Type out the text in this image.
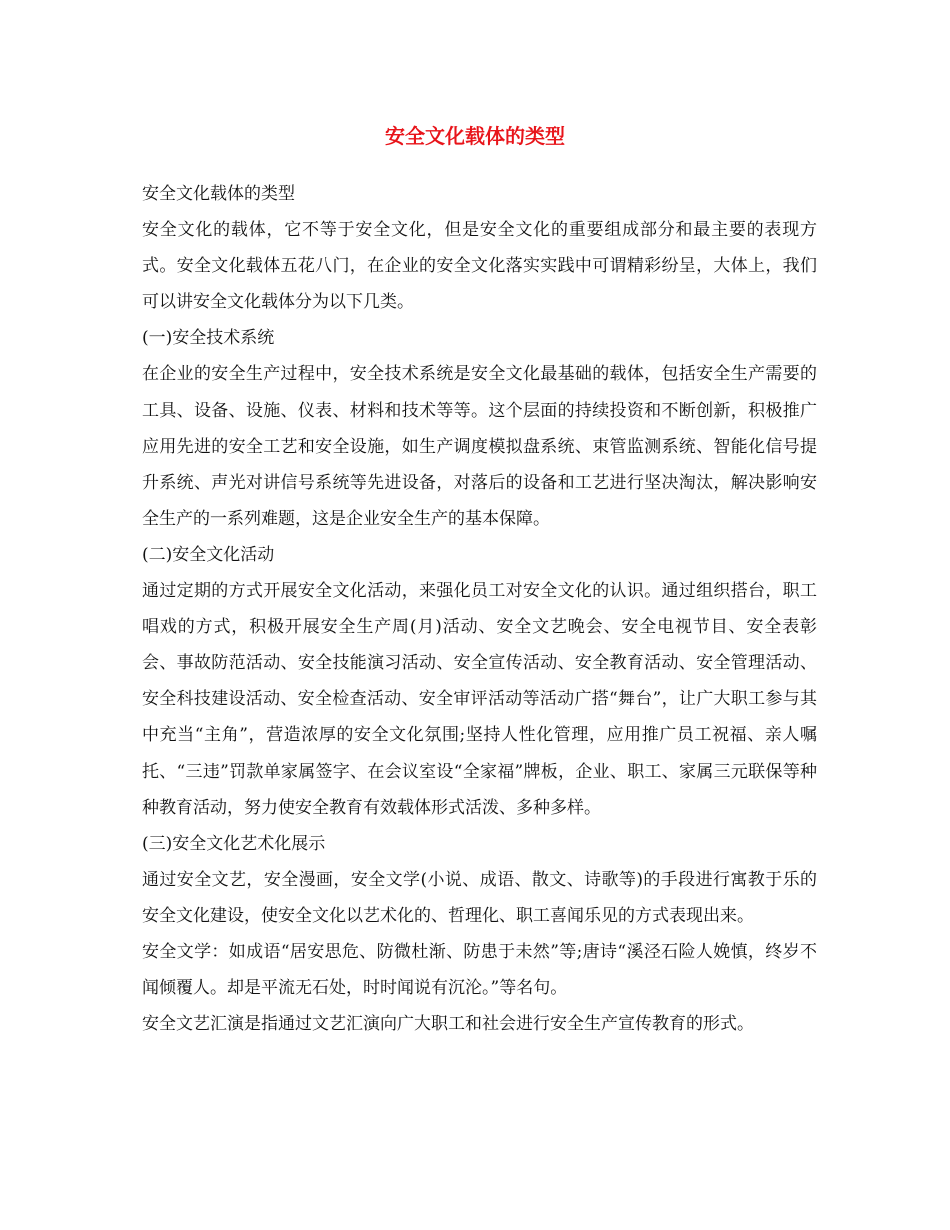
安全文化载体的类型

安全文化载体的类型

安全文化的载体，它不等于安全文化，但是安全文化的重要组成部分和最主要的表现方式。安全文化载体五花八门，在企业的安全文化落实实践中可谓精彩纷呈，大体上，我们可以讲安全文化载体分为以下几类。

(一)安全技术系统

在企业的安全生产过程中，安全技术系统是安全文化最基础的载体，包括安全生产需要的工具、设备、设施、仪表、材料和技术等等。这个层面的持续投资和不断创新，积极推广应用先进的安全工艺和安全设施，如生产调度模拟盘系统、束管监测系统、智能化信号提升系统、声光对讲信号系统等先进设备，对落后的设备和工艺进行坚决淘汰，解决影响安全生产的一系列难题，这是企业安全生产的基本保障。

(二)安全文化活动

通过定期的方式开展安全文化活动，来强化员工对安全文化的认识。通过组织搭台，职工唱戏的方式，积极开展安全生产周(月)活动、安全文艺晚会、安全电视节目、安全表彰会、事故防范活动、安全技能演习活动、安全宣传活动、安全教育活动、安全管理活动、安全科技建设活动、安全检查活动、安全审评活动等活动广搭“舞台”，让广大职工参与其中充当“主角”，营造浓厚的安全文化氛围;坚持人性化管理，应用推广员工祝福、亲人嘱托、“三违”罚款单家属签字、在会议室设“全家福”牌板，企业、职工、家属三元联保等种种教育活动，努力使安全教育有效载体形式活泼、多种多样。

(三)安全文化艺术化展示

通过安全文艺，安全漫画，安全文学(小说、成语、散文、诗歌等)的手段进行寓教于乐的安全文化建设，使安全文化以艺术化的、哲理化、职工喜闻乐见的方式表现出来。

安全文学：如成语“居安思危、防微杜渐、防患于未然”等;唐诗“溪泾石险人娩慎，终岁不闻倾覆人。却是平流无石处，时时闻说有沉沦。”等名句。

安全文艺汇演是指通过文艺汇演向广大职工和社会进行安全生产宣传教育的形式。
